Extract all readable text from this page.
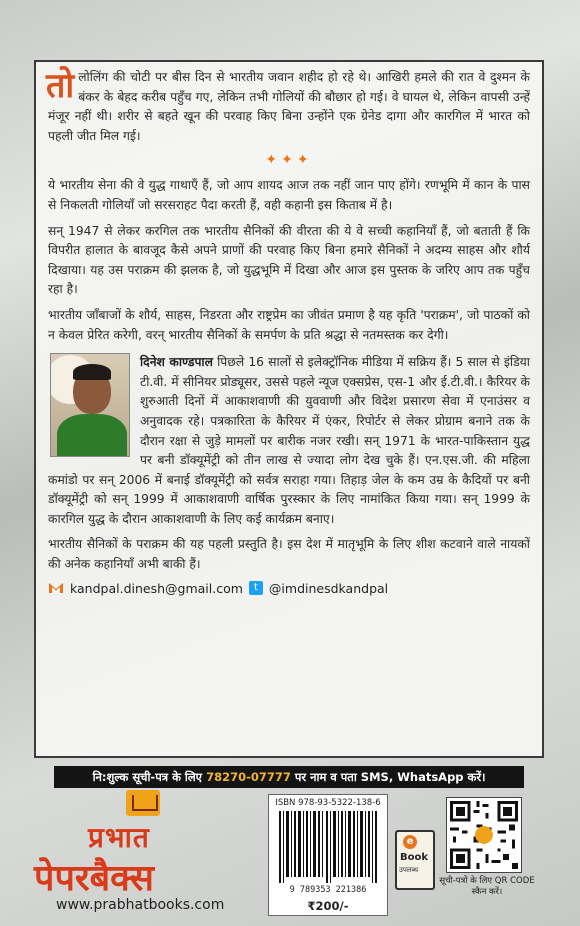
तो लोलिंग की चोटी पर बीस दिन से भारतीय जवान शहीद हो रहे थे। आखिरी हमले की रात वे दुश्मन के बंकर के बेहद करीब पहुँच गए, लेकिन तभी गोलियों की बौछार हो गई। वे घायल थे, लेकिन वापसी उन्हें मंजूर नहीं थी। शरीर से बहते खून की परवाह किए बिना उन्होंने एक ग्रेनेड दागा और कारगिल में भारत को पहली जीत मिल गई।

✦✦✦

ये भारतीय सेना की वे युद्ध गाथाएँ हैं, जो आप शायद आज तक नहीं जान पाए होंगे। रणभूमि में कान के पास से निकलती गोलियाँ जो सरसराहट पैदा करती हैं, वही कहानी इस किताब में है।

सन् 1947 से लेकर करगिल तक भारतीय सैनिकों की वीरता की ये वे सच्ची कहानियाँ हैं, जो बताती हैं कि विपरीत हालात के बावजूद कैसे अपने प्राणों की परवाह किए बिना हमारे सैनिकों ने अदम्य साहस और शौर्य दिखाया। यह उस पराक्रम की झलक है, जो युद्धभूमि में दिखा और आज इस पुस्तक के जरिए आप तक पहुँच रहा है।

भारतीय जाँबाजों के शौर्य, साहस, निडरता और राष्ट्रप्रेम का जीवंत प्रमाण है यह कृति 'पराक्रम', जो पाठकों को न केवल प्रेरित करेगी, वरन् भारतीय सैनिकों के समर्पण के प्रति श्रद्धा से नतमस्तक कर देगी।

दिनेश काण्डपाल पिछले 16 सालों से इलेक्ट्रॉनिक मीडिया में सक्रिय हैं। 5 साल से इंडिया टी.वी. में सीनियर प्रोड्यूसर, उससे पहले न्यूज एक्सप्रेस, एस-1 और ई.टी.वी.। कैरियर के शुरुआती दिनों में आकाशवाणी की युववाणी और विदेश प्रसारण सेवा में एनाउंसर व अनुवादक रहे। पत्रकारिता के कैरियर में एंकर, रिपोर्टर से लेकर प्रोग्राम बनाने तक के दौरान रक्षा से जुड़े मामलों पर बारीक नजर रखी। सन् 1971 के भारत-पाकिस्तान युद्ध पर बनी डॉक्यूमेंट्री को तीन लाख से ज्यादा लोग देख चुके हैं। एन.एस.जी. की महिला कमांडो पर सन् 2006 में बनाई डॉक्यूमेंट्री को सर्वत्र सराहा गया। तिहाड़ जेल के कम उम्र के कैदियों पर बनी डॉक्यूमेंट्री को सन् 1999 में आकाशवाणी वार्षिक पुरस्कार के लिए नामांकित किया गया। सन् 1999 के कारगिल युद्ध के दौरान आकाशवाणी के लिए कई कार्यक्रम बनाए।

भारतीय सैनिकों के पराक्रम की यह पहली प्रस्तुति है। इस देश में मातृभूमि के लिए शीश कटवाने वाले नायकों की अनेक कहानियाँ अभी बाकी हैं।

kandpal.dinesh@gmail.com	t @imdinesdkandpal
नि:शुल्क सूची-पत्र के लिए 78270-07777 पर नाम व पता SMS, WhatsApp करें।
प्रभात
पेपरबैक्स
www.prabhatbooks.com
ISBN 978-93-5322-138-6
9 789353 221386
₹200/-
e
Book
उपलब्ध
सूची-पत्रों के लिए QR CODE स्कैन करें।
